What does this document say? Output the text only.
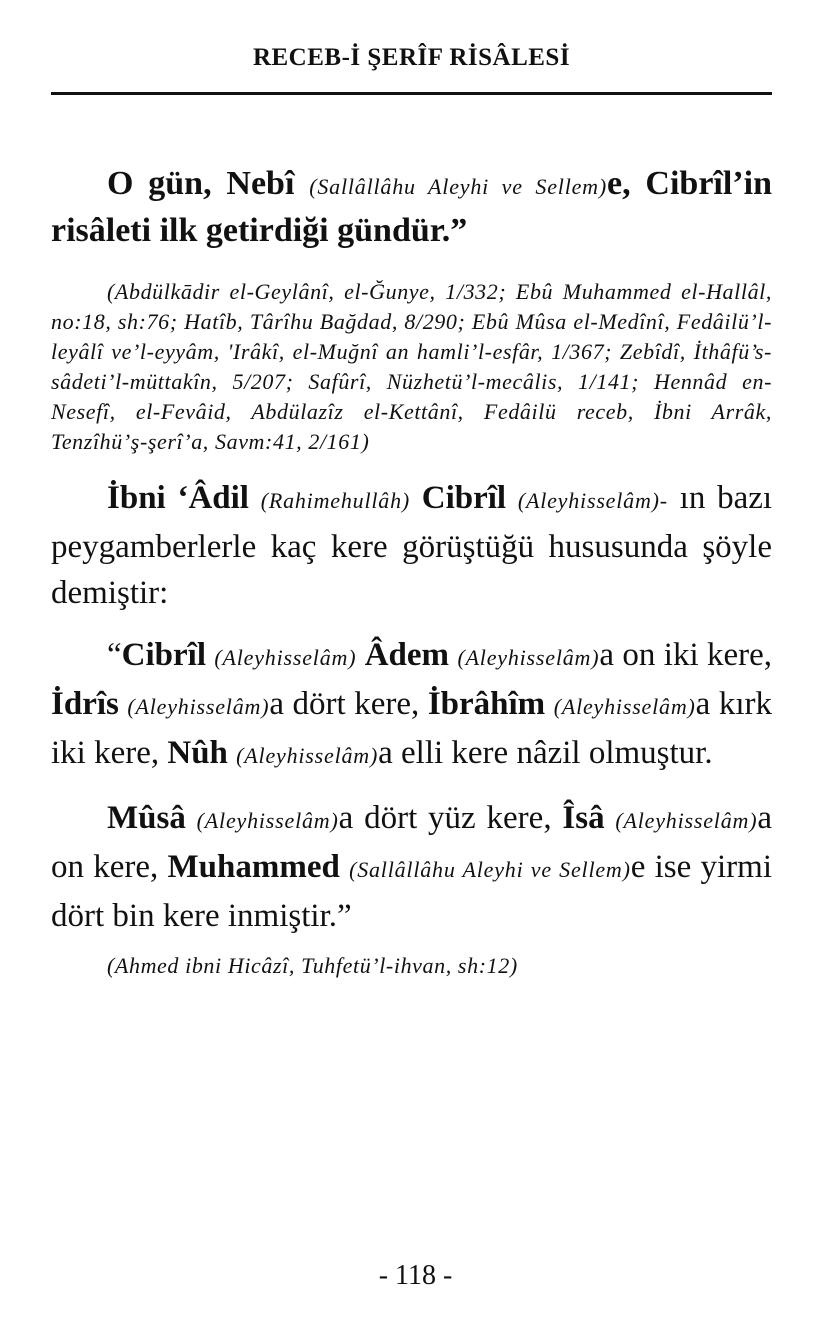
RECEB-İ ŞERÎF RİSÂLESİ

O gün, Nebî (Sallâllâhu Aleyhi ve Sellem)e, Cibrîl’in risâleti ilk getirdiği gündür.”

(Abdülkādir el-Geylânî, el-Ğunye, 1/332; Ebû Muhammed el-Hallâl, no:18, sh:76; Hatîb, Târîhu Bağdad, 8/290; Ebû Mûsa el-Medînî, Fedâilü’l-leyâlî ve’l-eyyâm, 'Irâkî, el-Muğnî an hamli’l-esfâr, 1/367; Zebîdî, İthâfü’s-sâdeti’l-müttakîn, 5/207; Safûrî, Nüzhetü’l-mecâlis, 1/141; Hennâd en-Nesefî, el-Fevâid, Abdülazîz el-Kettânî, Fedâilü receb, İbni Arrâk, Tenzîhü’ş-şerî’a, Savm:41, 2/161)

İbni ‘Âdil (Rahimehullâh) Cibrîl (Aleyhisselâm)- ın bazı peygamberlerle kaç kere görüştüğü hususunda şöyle demiştir:

“Cibrîl (Aleyhisselâm) Âdem (Aleyhisselâm)a on iki kere, İdrîs (Aleyhisselâm)a dört kere, İbrâhîm (Aleyhisselâm)a kırk iki kere, Nûh (Aleyhisselâm)a elli kere nâzil olmuştur.

Mûsâ (Aleyhisselâm)a dört yüz kere, Îsâ (Aleyhisselâm)a on kere, Muhammed (Sallâllâhu Aleyhi ve Sellem)e ise yirmi dört bin kere inmiştir.”

(Ahmed ibni Hicâzî, Tuhfetü’l-ihvan, sh:12)

- 118 -
